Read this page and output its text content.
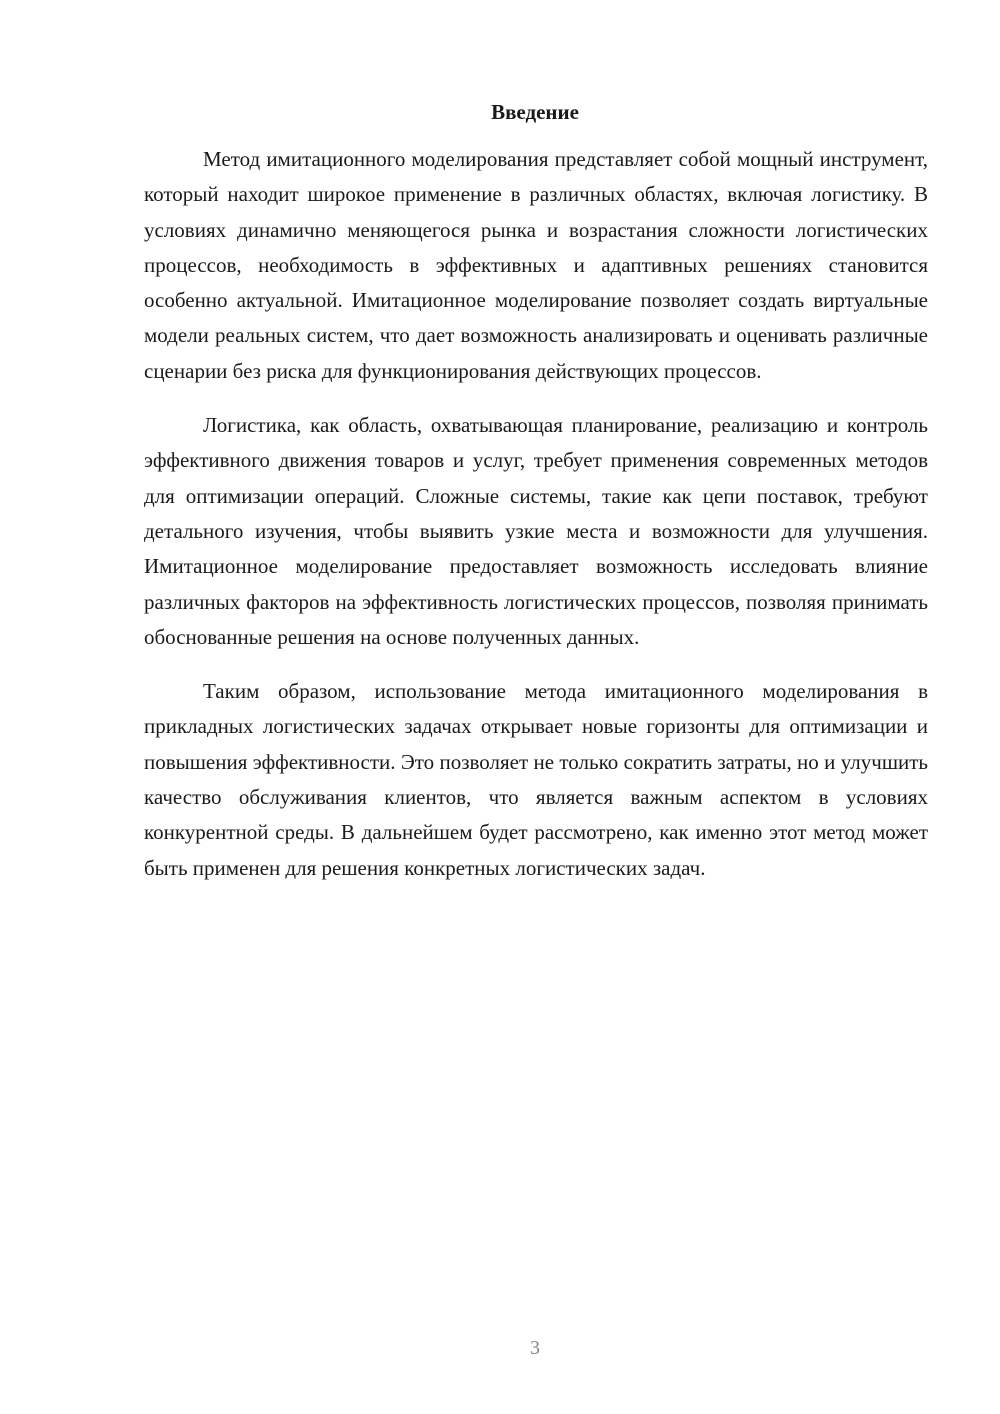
Введение

Метод имитационного моделирования представляет собой мощный инструмент, который находит широкое применение в различных областях, включая логистику. В условиях динамично меняющегося рынка и возрастания сложности логистических процессов, необходимость в эффективных и адаптивных решениях становится особенно актуальной. Имитационное моделирование позволяет создать виртуальные модели реальных систем, что дает возможность анализировать и оценивать различные сценарии без риска для функционирования действующих процессов.

Логистика, как область, охватывающая планирование, реализацию и контроль эффективного движения товаров и услуг, требует применения современных методов для оптимизации операций. Сложные системы, такие как цепи поставок, требуют детального изучения, чтобы выявить узкие места и возможности для улучшения. Имитационное моделирование предоставляет возможность исследовать влияние различных факторов на эффективность логистических процессов, позволяя принимать обоснованные решения на основе полученных данных.

Таким образом, использование метода имитационного моделирования в прикладных логистических задачах открывает новые горизонты для оптимизации и повышения эффективности. Это позволяет не только сократить затраты, но и улучшить качество обслуживания клиентов, что является важным аспектом в условиях конкурентной среды. В дальнейшем будет рассмотрено, как именно этот метод может быть применен для решения конкретных логистических задач.

3
